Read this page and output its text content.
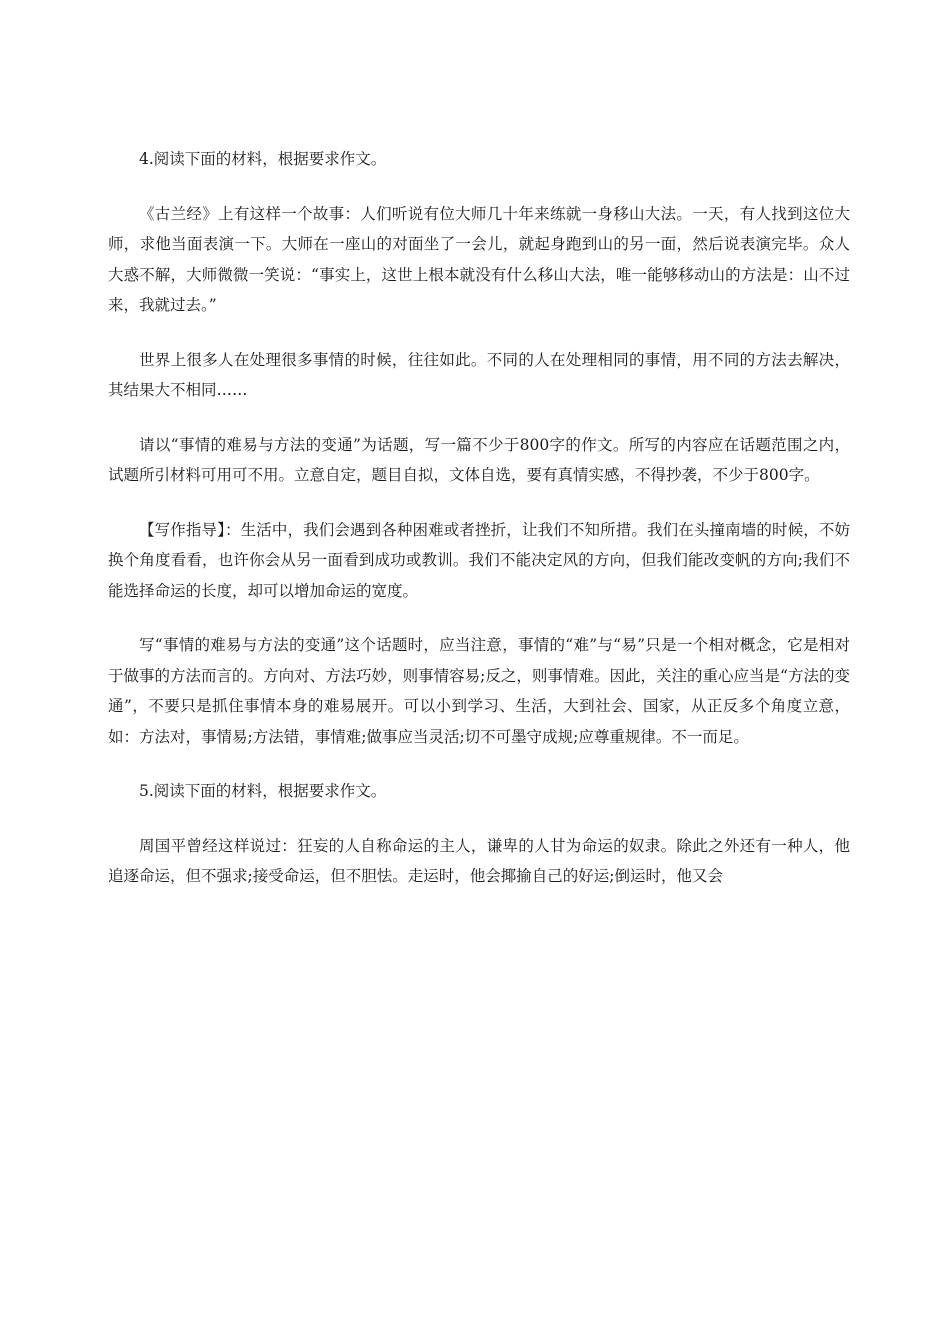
4.阅读下面的材料，根据要求作文。

《古兰经》上有这样一个故事：人们听说有位大师几十年来练就一身移山大法。一天，有人找到这位大师，求他当面表演一下。大师在一座山的对面坐了一会儿，就起身跑到山的另一面，然后说表演完毕。众人大惑不解，大师微微一笑说：“事实上，这世上根本就没有什么移山大法，唯一能够移动山的方法是：山不过来，我就过去。”

世界上很多人在处理很多事情的时候，往往如此。不同的人在处理相同的事情，用不同的方法去解决，其结果大不相同……

请以“事情的难易与方法的变通”为话题，写一篇不少于800字的作文。所写的内容应在话题范围之内，试题所引材料可用可不用。立意自定，题目自拟，文体自选，要有真情实感，不得抄袭，不少于800字。

【写作指导】：生活中，我们会遇到各种困难或者挫折，让我们不知所措。我们在头撞南墙的时候，不妨换个角度看看，也许你会从另一面看到成功或教训。我们不能决定风的方向，但我们能改变帆的方向;我们不能选择命运的长度，却可以增加命运的宽度。

写“事情的难易与方法的变通”这个话题时，应当注意，事情的“难”与“易”只是一个相对概念，它是相对于做事的方法而言的。方向对、方法巧妙，则事情容易;反之，则事情难。因此，关注的重心应当是“方法的变通”，不要只是抓住事情本身的难易展开。可以小到学习、生活，大到社会、国家，从正反多个角度立意，如：方法对，事情易;方法错，事情难;做事应当灵活;切不可墨守成规;应尊重规律。不一而足。

5.阅读下面的材料，根据要求作文。

周国平曾经这样说过：狂妄的人自称命运的主人，谦卑的人甘为命运的奴隶。除此之外还有一种人，他追逐命运，但不强求;接受命运，但不胆怯。走运时，他会揶揄自己的好运;倒运时，他又会
